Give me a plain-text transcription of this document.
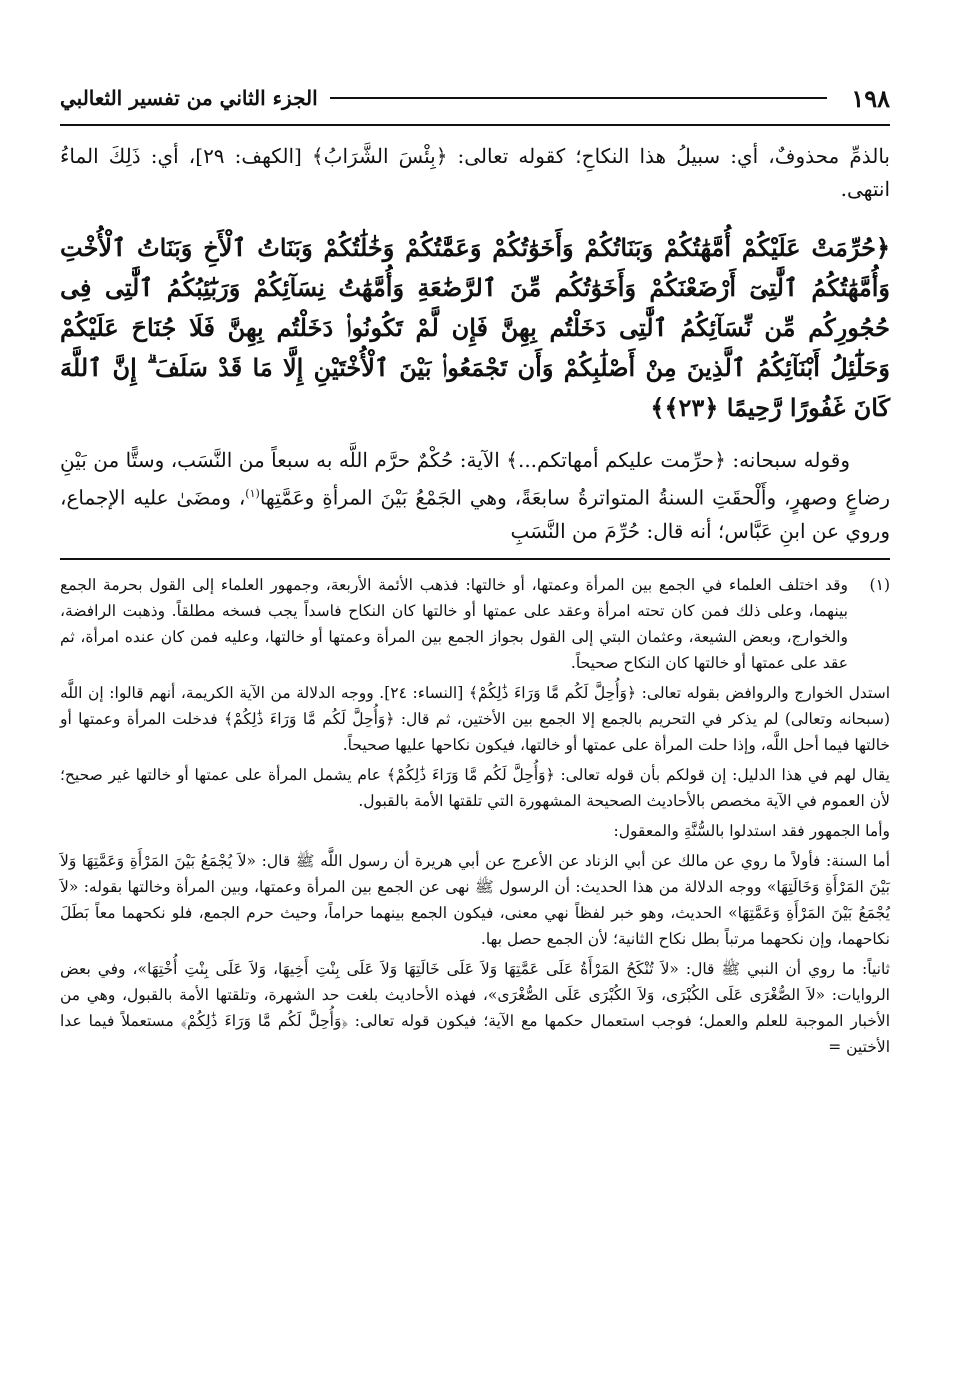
١٩٨
الجزء الثاني من تفسير الثعالبي

بالذمِّ محذوفٌ، أي: سبيلُ هذا النكاحِ؛ كقوله تعالى: ﴿بِئْسَ الشَّرَابُ﴾ [الكهف: ٢٩]، أي: ذَلِكَ الماءُ انتهى.

﴿حُرِّمَتْ عَلَيْكُمْ أُمَّهَٰتُكُمْ وَبَنَاتُكُمْ وَأَخَوَٰتُكُمْ وَعَمَّٰتُكُمْ وَخَٰلَٰتُكُمْ وَبَنَاتُ ٱلْأَخِ وَبَنَاتُ ٱلْأُخْتِ وَأُمَّهَٰتُكُمُ ٱلَّٰتِىٓ أَرْضَعْنَكُمْ وَأَخَوَٰتُكُم مِّنَ ٱلرَّضَٰعَةِ وَأُمَّهَٰتُ نِسَآئِكُمْ وَرَبَٰٓئِبُكُمُ ٱلَّٰتِى فِى حُجُورِكُم مِّن نِّسَآئِكُمُ ٱلَّٰتِى دَخَلْتُم بِهِنَّ فَإِن لَّمْ تَكُونُوا۟ دَخَلْتُم بِهِنَّ فَلَا جُنَاحَ عَلَيْكُمْ وَحَلَٰٓئِلُ أَبْنَآئِكُمُ ٱلَّذِينَ مِنْ أَصْلَٰبِكُمْ وَأَن تَجْمَعُوا۟ بَيْنَ ٱلْأُخْتَيْنِ إِلَّا مَا قَدْ سَلَفَ ۗ إِنَّ ٱللَّهَ كَانَ غَفُورًا رَّحِيمًا ﴿٢٣﴾﴾

وقوله سبحانه: ﴿حرِّمت عليكم أمهاتكم...﴾ الآية: حُكْمٌ حرَّم اللَّه به سبعاً من النَّسَب، وستًّا من بَيْنِ رضاعٍ وصهرٍ، وأَلْحقَتِ السنةُ المتواترةُ سابعَةً، وهي الجَمْعُ بَيْنَ المرأةِ وعَمَّتِها$^{(١)}$، ومضَىٰ عليه الإجماع، وروي عن ابنِ عَبَّاس؛ أنه قال: حُرِّمَ من النَّسَبِ

(١)
وقد اختلف العلماء في الجمع بين المرأة وعمتها، أو خالتها: فذهب الأئمة الأربعة، وجمهور العلماء إلى القول بحرمة الجمع بينهما، وعلى ذلك فمن كان تحته امرأة وعقد على عمتها أو خالتها كان النكاح فاسداً يجب فسخه مطلقاً. وذهبت الرافضة، والخوارج، وبعض الشيعة، وعثمان البتي إلى القول بجواز الجمع بين المرأة وعمتها أو خالتها، وعليه فمن كان عنده امرأة، ثم عقد على عمتها أو خالتها كان النكاح صحيحاً.

استدل الخوارج والروافض بقوله تعالى: ﴿وَأُحِلَّ لَكُم مَّا وَرَاءَ ذَٰلِكُمْ﴾ [النساء: ٢٤]. ووجه الدلالة من الآية الكريمة، أنهم قالوا: إن اللَّه (سبحانه وتعالى) لم يذكر في التحريم بالجمع إلا الجمع بين الأختين، ثم قال: ﴿وَأُحِلَّ لَكُم مَّا وَرَاءَ ذَٰلِكُمْ﴾ فدخلت المرأة وعمتها أو خالتها فيما أحل اللَّه، وإذا حلت المرأة على عمتها أو خالتها، فيكون نكاحها عليها صحيحاً.

يقال لهم في هذا الدليل: إن قولكم بأن قوله تعالى: ﴿وَأُحِلَّ لَكُم مَّا وَرَاءَ ذَٰلِكُمْ﴾ عام يشمل المرأة على عمتها أو خالتها غير صحيح؛ لأن العموم في الآية مخصص بالأحاديث الصحيحة المشهورة التي تلقتها الأمة بالقبول.

وأما الجمهور فقد استدلوا بالسُّنَّةِ والمعقول:

أما السنة: فأولاً ما روي عن مالك عن أبي الزناد عن الأعرج عن أبي هريرة أن رسول اللَّه ﷺ قال: «لاَ يُجْمَعُ بَيْنَ المَرْأَةِ وَعَمَّتِهَا وَلاَ بَيْنَ المَرْأَةِ وَخَالَتِهَا» ووجه الدلالة من هذا الحديث: أن الرسول ﷺ نهى عن الجمع بين المرأة وعمتها، وبين المرأة وخالتها بقوله: «لاَ يُجْمَعُ بَيْنَ المَرْأَةِ وَعَمَّتِهَا» الحديث، وهو خبر لفظاً نهي معنى، فيكون الجمع بينهما حراماً، وحيث حرم الجمع، فلو نكحهما معاً بَطَلَ نكاحهما، وإن نكحهما مرتباً بطل نكاح الثانية؛ لأن الجمع حصل بها.

ثانياً: ما روي أن النبي ﷺ قال: «لاَ تُنْكَحُ المَرْأَةُ عَلَى عَمَّتِهَا وَلاَ عَلَى خَالَتِهَا وَلاَ عَلَى بِنْتِ أَخِيهَا، وَلاَ عَلَى بِنْتِ أُخْتِهَا»، وفي بعض الروايات: «لاَ الصُّغْرَى عَلَى الكُبْرَى، وَلاَ الكُبْرَى عَلَى الصُّغْرَى»، فهذه الأحاديث بلغت حد الشهرة، وتلقتها الأمة بالقبول، وهي من الأخبار الموجبة للعلم والعمل؛ فوجب استعمال حكمها مع الآية؛ فيكون قوله تعالى: ﴿وَأُحِلَّ لَكُم مَّا وَرَاءَ ذَٰلِكُمْ﴾ مستعملاً فيما عدا الأختين =
